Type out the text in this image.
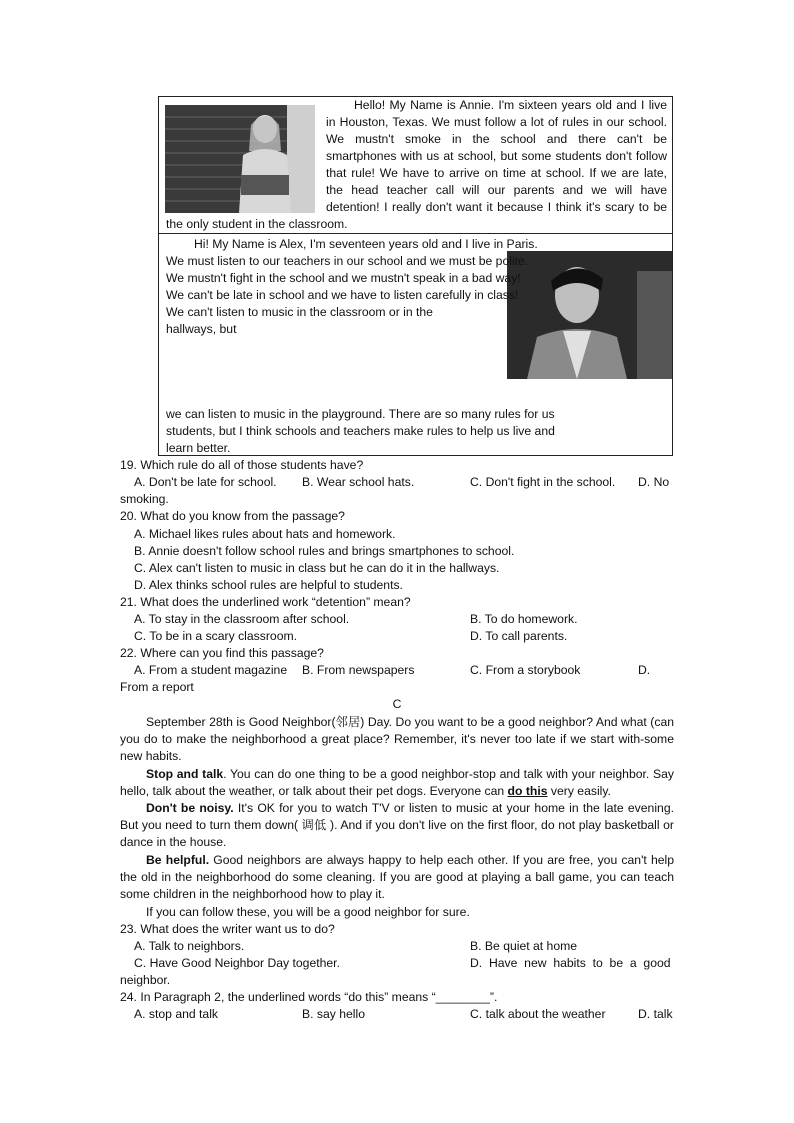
Hello! My Name is Annie. I'm sixteen years old and I live in Houston, Texas. We must follow a lot of rules in our school. We mustn't smoke in the school and there can't be smartphones with us at school, but some students don't follow that rule! We have to arrive on time at school. If we are late, the head teacher call will our parents and we will have detention! I really don't want it because I think it's scary to be the only student in the classroom.

Hi! My Name is Alex, I'm seventeen years old and I live in Paris.

We must listen to our teachers in our school and we must be polite.

We mustn't fight in the school and we mustn't speak in a bad way!

We can't be late in school and we have to listen carefully in class!

We can't listen to music in the classroom or in the hallways, but

we can listen to music in the playground. There are so many rules for us students, but I think schools and teachers make rules to help us live and learn better.

19. Which rule do all of those students have?
A. Don't be late for school. B. Wear school hats.	C. Don't fight in the school. D. No
smoking.
20. What do you know from the passage?
A. Michael likes rules about hats and homework.
B. Annie doesn't follow school rules and brings smartphones to school.
C. Alex can't listen to music in class but he can do it in the hallways.
D. Alex thinks school rules are helpful to students.
21. What does the underlined work “detention” mean?
A. To stay in the classroom after school.	B. To do homework.
C. To be in a scary classroom.	D. To call parents.
22. Where can you find this passage?
A. From a student magazine B. From newspapers	C. From a storybook	D.
From a report
C
September 28th is Good Neighbor(邻居) Day. Do you want to be a good neighbor? And what (can you do to make the neighborhood a great place? Remember, it's never too late if we start with-some new habits.
Stop and talk. You can do one thing to be a good neighbor-stop and talk with your neighbor. Say hello, talk about the weather, or talk about their pet dogs. Everyone can do this very easily.
Don't be noisy. It's OK for you to watch T'V or listen to music at your home in the late evening. But you need to turn them down( 调低 ). And if you don't live on the first floor, do not play basketball or dance in the house.
Be helpful. Good neighbors are always happy to help each other. If you are free, you can't help the old in the neighborhood do some cleaning. If you are good at playing a ball game, you can teach some children in the neighborhood how to play it.
If you can follow these, you will be a good neighbor for sure.
23. What does the writer want us to do?
A. Talk to neighbors.	B. Be quiet at home
C. Have Good Neighbor Day together.	D.  Have  new  habits  to  be  a  good
neighbor.
24. In Paragraph 2, the underlined words “do this” means “________”.
A. stop and talk	B. say hello	C. talk about the weather	D. talk
